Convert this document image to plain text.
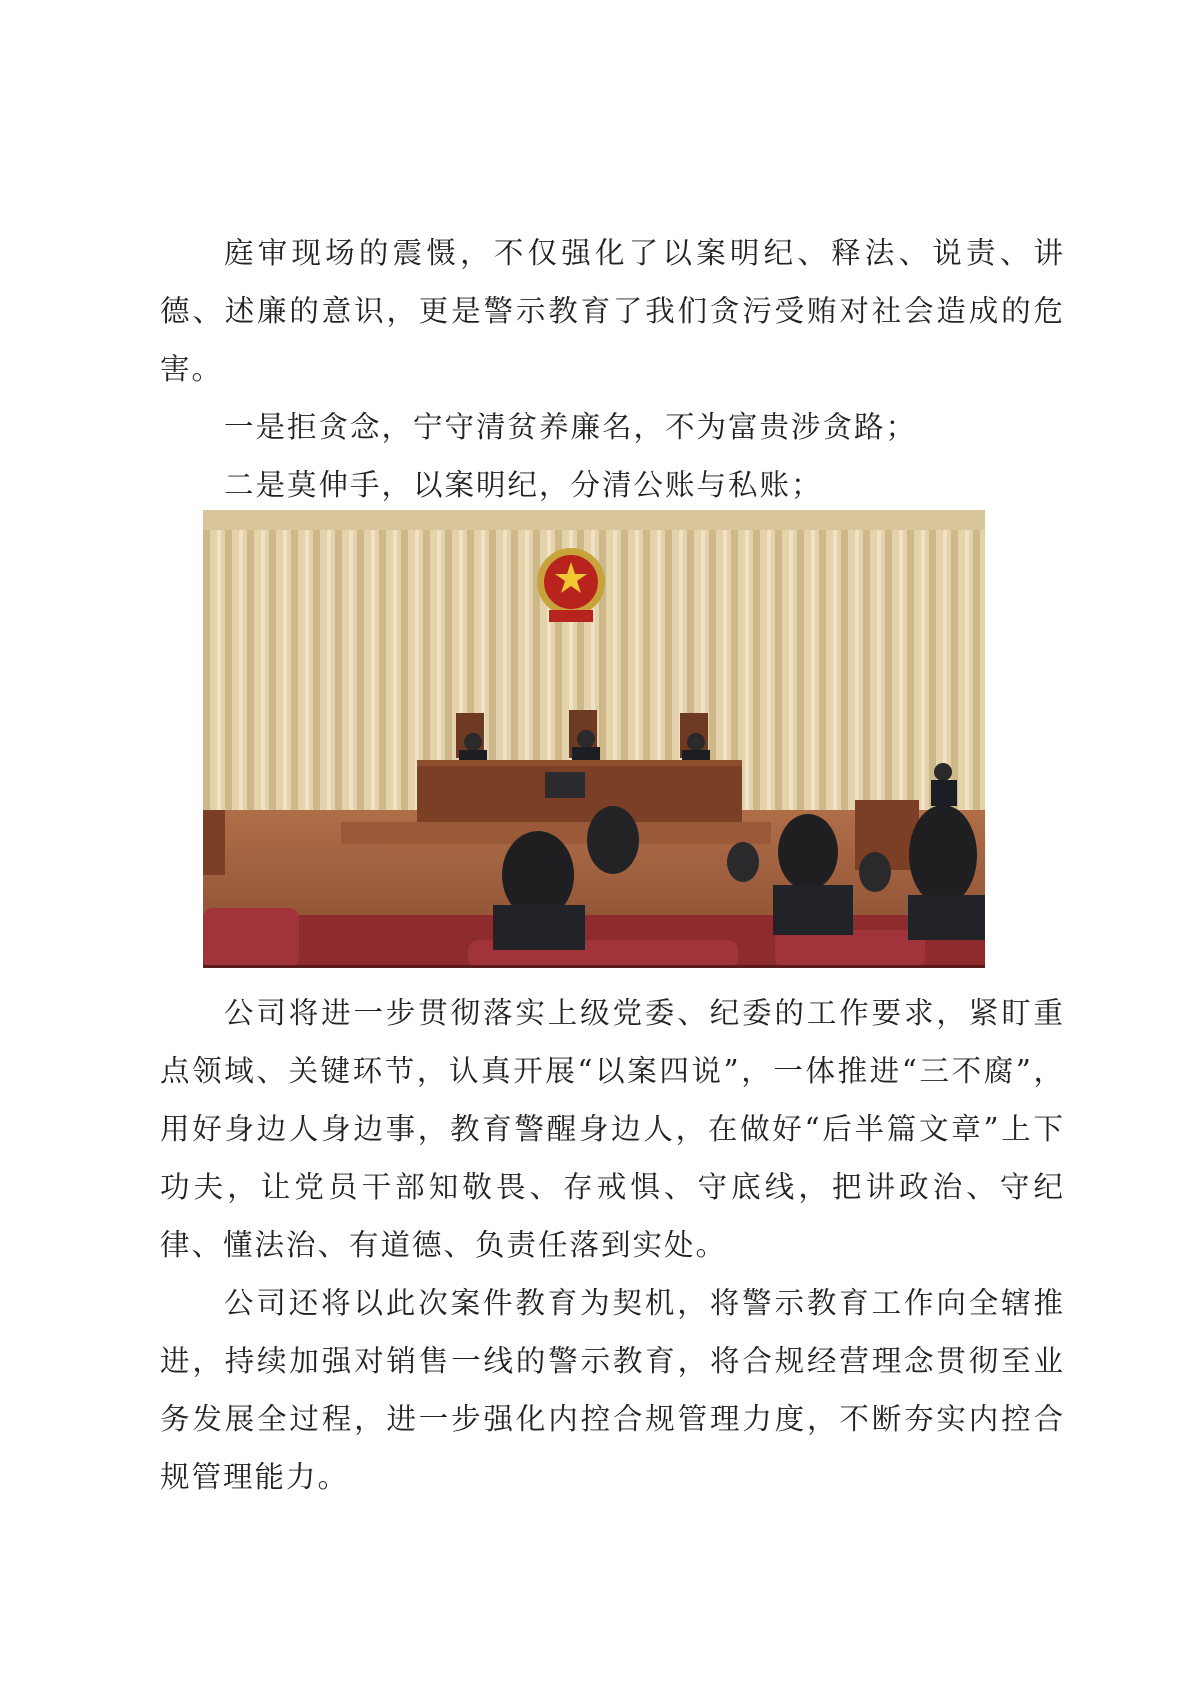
庭审现场的震慑，不仅强化了以案明纪、释法、说责、讲德、述廉的意识，更是警示教育了我们贪污受贿对社会造成的危害。

一是拒贪念，宁守清贫养廉名，不为富贵涉贪路；

二是莫伸手，以案明纪，分清公账与私账；

公司将进一步贯彻落实上级党委、纪委的工作要求，紧盯重点领域、关键环节，认真开展“以案四说”，一体推进“三不腐”，用好身边人身边事，教育警醒身边人，在做好“后半篇文章”上下功夫，让党员干部知敬畏、存戒惧、守底线，把讲政治、守纪律、懂法治、有道德、负责任落到实处。

公司还将以此次案件教育为契机，将警示教育工作向全辖推进，持续加强对销售一线的警示教育，将合规经营理念贯彻至业务发展全过程，进一步强化内控合规管理力度，不断夯实内控合规管理能力。
